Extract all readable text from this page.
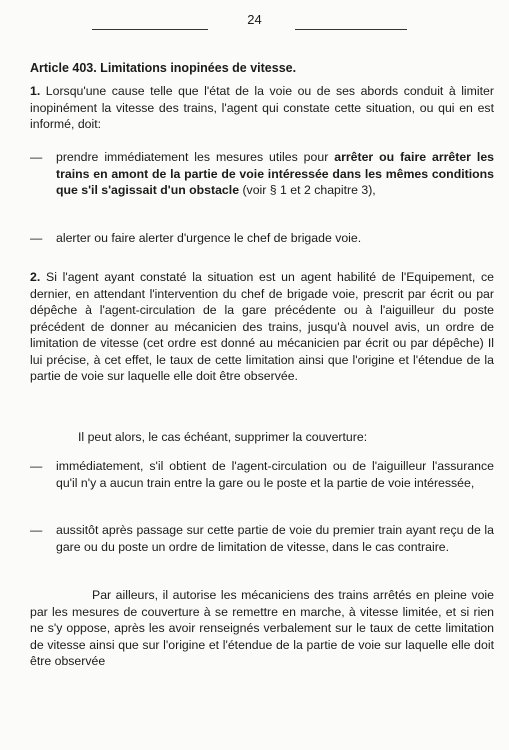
24
Article 403. Limitations inopinées de vitesse.
1. Lorsqu'une cause telle que l'état de la voie ou de ses abords conduit à limiter inopinément la vitesse des trains, l'agent qui constate cette situation, ou qui en est informé, doit:
— prendre immédiatement les mesures utiles pour arrêter ou faire arrêter les trains en amont de la partie de voie intéressée dans les mêmes conditions que s'il s'agissait d'un obstacle (voir § 1 et 2 chapitre 3),
— alerter ou faire alerter d'urgence le chef de brigade voie.
2. Si l'agent ayant constaté la situation est un agent habilité de l'Equipement, ce dernier, en attendant l'intervention du chef de brigade voie, prescrit par écrit ou par dépêche à l'agent-circulation de la gare précédente ou à l'aiguilleur du poste précédent de donner au mécanicien des trains, jusqu'à nouvel avis, un ordre de limitation de vitesse (cet ordre est donné au mécanicien par écrit ou par dépêche) Il lui précise, à cet effet, le taux de cette limitation ainsi que l'origine et l'étendue de la partie de voie sur laquelle elle doit être observée.
Il peut alors, le cas échéant, supprimer la couverture:
— immédiatement, s'il obtient de l'agent-circulation ou de l'aiguilleur l'assurance qu'il n'y a aucun train entre la gare ou le poste et la partie de voie intéressée,
— aussitôt après passage sur cette partie de voie du premier train ayant reçu de la gare ou du poste un ordre de limitation de vitesse, dans le cas contraire.
Par ailleurs, il autorise les mécaniciens des trains arrêtés en pleine voie par les mesures de couverture à se remettre en marche, à vitesse limitée, et si rien ne s'y oppose, après les avoir renseignés verbalement sur le taux de cette limitation de vitesse ainsi que sur l'origine et l'étendue de la partie de voie sur laquelle elle doit être observée
